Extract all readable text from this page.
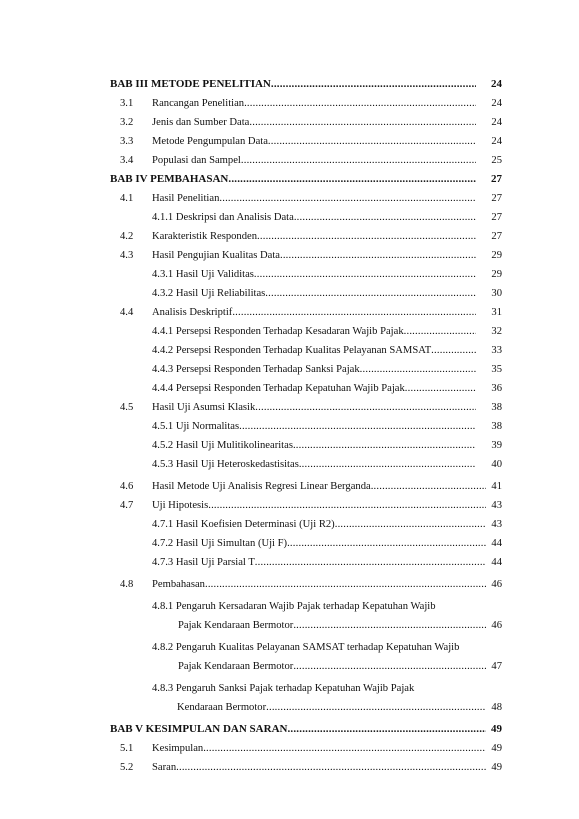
BAB III METODE PENELITIAN .....	24
3.1	Rancangan Penelitian .....	24
3.2	Jenis dan Sumber Data .....	24
3.3	Metode Pengumpulan Data .....	24
3.4	Populasi dan Sampel .....	25
BAB IV PEMBAHASAN .....	27
4.1	Hasil Penelitian .....	27
4.1.1 Deskripsi dan Analisis Data .....	27
4.2	Karakteristik Responden .....	27
4.3	Hasil Pengujian Kualitas Data .....	29
4.3.1 Hasil Uji Validitas .....	29
4.3.2 Hasil Uji Reliabilitas .....	30
4.4	Analisis Deskriptif .....	31
4.4.1 Persepsi Responden Terhadap Kesadaran Wajib Pajak .....	32
4.4.2 Persepsi Responden Terhadap Kualitas Pelayanan SAMSAT .....	33
4.4.3 Persepsi Responden Terhadap Sanksi Pajak .....	35
4.4.4 Persepsi Responden Terhadap Kepatuhan Wajib Pajak .....	36
4.5	Hasil Uji Asumsi Klasik .....	38
4.5.1 Uji Normalitas .....	38
4.5.2 Hasil Uji Mulitikolinearitas .....	39
4.5.3 Hasil Uji Heteroskedastisitas .....	40
4.6	Hasil Metode Uji Analisis Regresi Linear Berganda .....	41
4.7	Uji Hipotesis .....	43
4.7.1 Hasil Koefisien Determinasi (Uji R2) .....	43
4.7.2 Hasil Uji Simultan (Uji F) .....	44
4.7.3 Hasil Uji Parsial T .....	44
4.8	Pembahasan .....	46
4.8.1 Pengaruh Kersadaran Wajib Pajak terhadap Kepatuhan Wajib
Pajak Kendaraan Bermotor .....	46
4.8.2 Pengaruh Kualitas Pelayanan SAMSAT terhadap Kepatuhan Wajib
Pajak Kendaraan Bermotor .....	47
4.8.3 Pengaruh Sanksi Pajak terhadap Kepatuhan Wajib Pajak
Kendaraan Bermotor .....	48
BAB V KESIMPULAN DAN SARAN .....	49
5.1	Kesimpulan .....	49
5.2	Saran .....	49
